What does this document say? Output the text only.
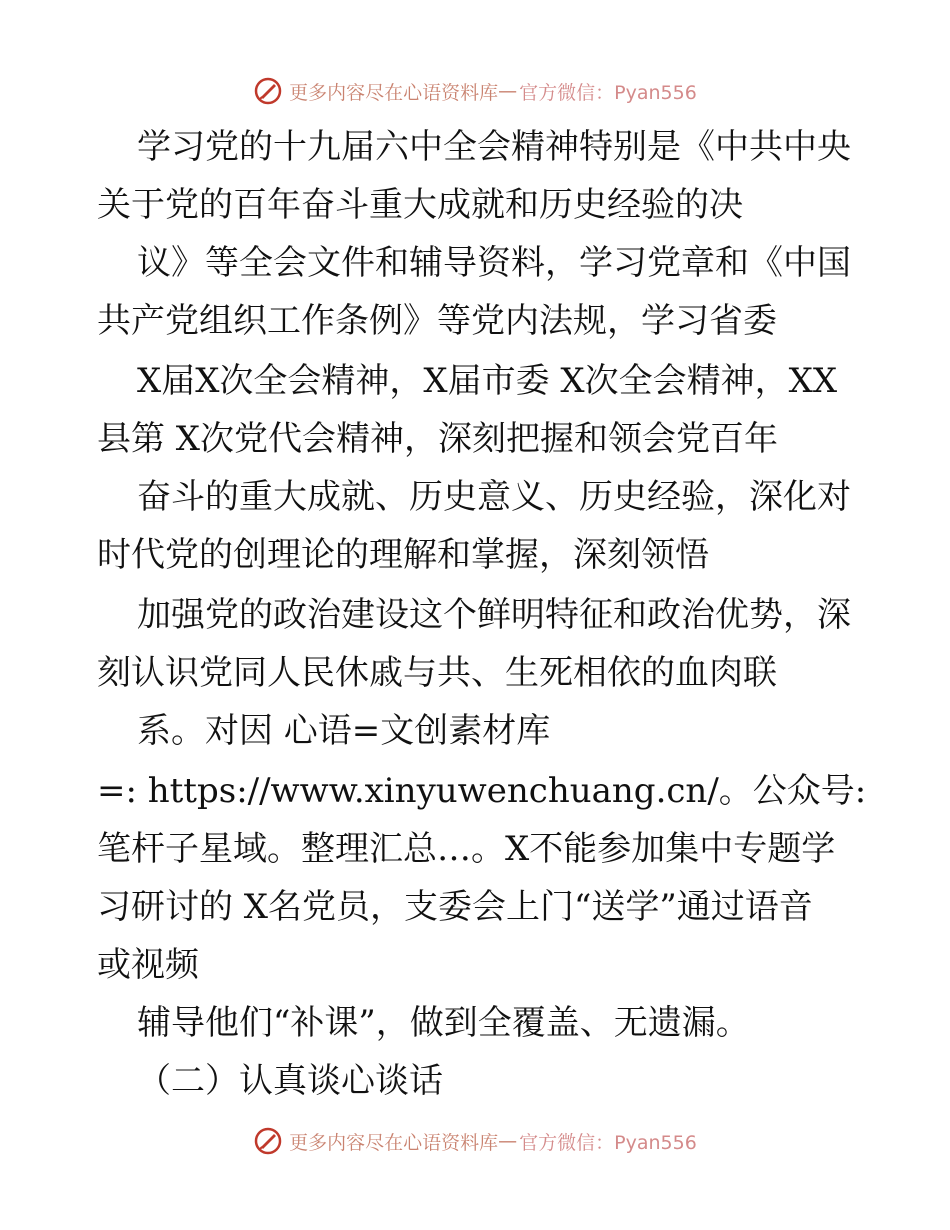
更多内容尽在心语资料库 — 官方微信：Pyan556
学习党的十九届六中全会精神特别是《中共中央
关于党的百年奋斗重大成就和历史经验的决
议》等全会文件和辅导资料，学习党章和《中国
共产党组织工作条例》等党内法规，学习省委
X届X次全会精神，X届市委 X次全会精神，XX
县第 X次党代会精神，深刻把握和领会党百年
奋斗的重大成就、历史意义、历史经验，深化对
时代党的创理论的理解和掌握，深刻领悟
加强党的政治建设这个鲜明特征和政治优势，深
刻认识党同人民休戚与共、生死相依的血肉联
系。对因 心语=文创素材库
=: https://www.xinyuwenchuang.cn/。公众号:
笔杆子星域。整理汇总…。X不能参加集中专题学
习研讨的 X名党员，支委会上门“送学”通过语音
或视频
辅导他们“补课”，做到全覆盖、无遗漏。
（二）认真谈心谈话
更多内容尽在心语资料库 — 官方微信：Pyan556
